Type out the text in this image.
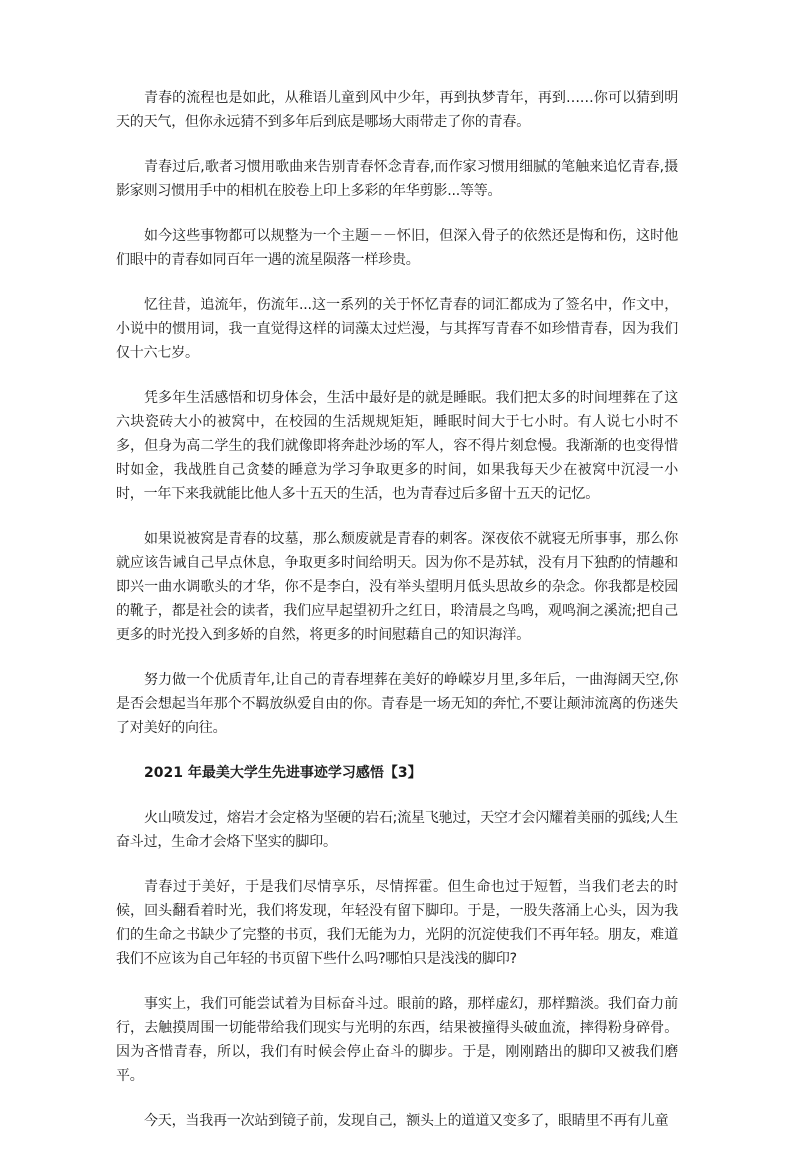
青春的流程也是如此，从稚语儿童到风中少年，再到执梦青年，再到……你可以猜到明天的天气，但你永远猜不到多年后到底是哪场大雨带走了你的青春。

青春过后,歌者习惯用歌曲来告别青春怀念青春,而作家习惯用细腻的笔触来追忆青春,摄影家则习惯用手中的相机在胶卷上印上多彩的年华剪影...等等。

如今这些事物都可以规整为一个主题－－怀旧，但深入骨子的依然还是悔和伤，这时他们眼中的青春如同百年一遇的流星陨落一样珍贵。

忆往昔，追流年，伤流年...这一系列的关于怀忆青春的词汇都成为了签名中，作文中，小说中的惯用词，我一直觉得这样的词藻太过烂漫，与其挥写青春不如珍惜青春，因为我们仅十六七岁。

凭多年生活感悟和切身体会，生活中最好是的就是睡眠。我们把太多的时间埋葬在了这六块瓷砖大小的被窝中，在校园的生活规规矩矩，睡眠时间大于七小时。有人说七小时不多，但身为高二学生的我们就像即将奔赴沙场的军人，容不得片刻怠慢。我渐渐的也变得惜时如金，我战胜自己贪婪的睡意为学习争取更多的时间，如果我每天少在被窝中沉浸一小时，一年下来我就能比他人多十五天的生活，也为青春过后多留十五天的记忆。

如果说被窝是青春的坟墓，那么颓废就是青春的刺客。深夜依不就寝无所事事，那么你就应该告诫自己早点休息，争取更多时间给明天。因为你不是苏轼，没有月下独酌的情趣和即兴一曲水调歌头的才华，你不是李白，没有举头望明月低头思故乡的杂念。你我都是校园的靴子，都是社会的读者，我们应早起望初升之红日，聆清晨之鸟鸣，观鸣涧之溪流;把自己更多的时光投入到多娇的自然，将更多的时间慰藉自己的知识海洋。

努力做一个优质青年,让自己的青春埋葬在美好的峥嵘岁月里,多年后，一曲海阔天空,你是否会想起当年那个不羁放纵爱自由的你。青春是一场无知的奔忙,不要让颠沛流离的伤迷失了对美好的向往。

2021 年最美大学生先进事迹学习感悟【3】

火山喷发过，熔岩才会定格为坚硬的岩石;流星飞驰过，天空才会闪耀着美丽的弧线;人生奋斗过，生命才会烙下坚实的脚印。

青春过于美好，于是我们尽情享乐，尽情挥霍。但生命也过于短暂，当我们老去的时候，回头翻看着时光，我们将发现，年轻没有留下脚印。于是，一股失落涌上心头，因为我们的生命之书缺少了完整的书页，我们无能为力，光阴的沉淀使我们不再年轻。朋友，难道我们不应该为自己年轻的书页留下些什么吗?哪怕只是浅浅的脚印?

事实上，我们可能尝试着为目标奋斗过。眼前的路，那样虚幻，那样黯淡。我们奋力前行，去触摸周围一切能带给我们现实与光明的东西，结果被撞得头破血流，摔得粉身碎骨。因为吝惜青春，所以，我们有时候会停止奋斗的脚步。于是，刚刚踏出的脚印又被我们磨平。

今天，当我再一次站到镜子前，发现自己，额头上的道道又变多了，眼睛里不再有儿童
